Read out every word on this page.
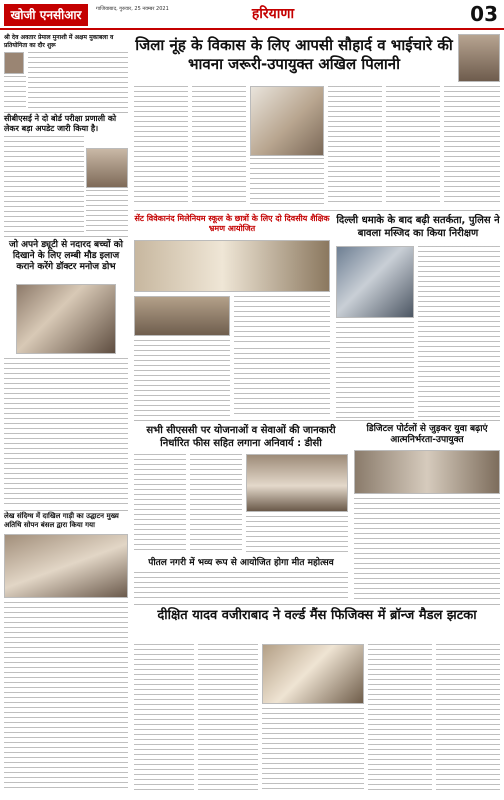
खोजी एनसीआर	गाजियाबाद, गुरुवार, 25 नवम्बर 2021	हरियाणा	03
श्री देव अवतार प्रेमाल मुनाशी में अक्षम मुकाबला व प्रतियोगिता का दौर शुरू
सीबीएसई ने दो बोर्ड परीक्षा प्रणाली को लेकर बड़ा अपडेट जारी किया है।
जो अपने ड्यूटी से नदारद बच्चों को दिखाने के लिए लम्बी मौड इलाज कराने करेंगे डॉक्टर मनोज डोभ
लेख संदिग्ध में दाखिल गाड़ी का उद्घाटन मुख्य अतिथि सोपन बंसल द्वारा किया गया
जिला नूंह के विकास के लिए आपसी सौहार्द व भाईचारे की भावना जरूरी-उपायुक्त अखिल पिलानी
सेंट विवेकानंद मिलेनियम स्कूल के छात्रों के लिए दो दिवसीय शैक्षिक भ्रमण आयोजित
दिल्ली धमाके के बाद बढ़ी सतर्कता, पुलिस ने बावला मस्जिद का किया निरीक्षण
सभी सीएससी पर योजनाओं व सेवाओं की जानकारी निर्धारित फीस सहित लगाना अनिवार्य : डीसी
डिजिटल पोर्टलों से जुड़कर युवा बढ़ाएं आत्मनिर्भरता-उपायुक्त
पीतल नगरी में भव्य रूप से आयोजित होगा मीत महोत्सव
दीक्षित यादव वजीराबाद ने वर्ल्ड मैंस फिजिक्स में ब्रॉन्ज मैडल झटका
